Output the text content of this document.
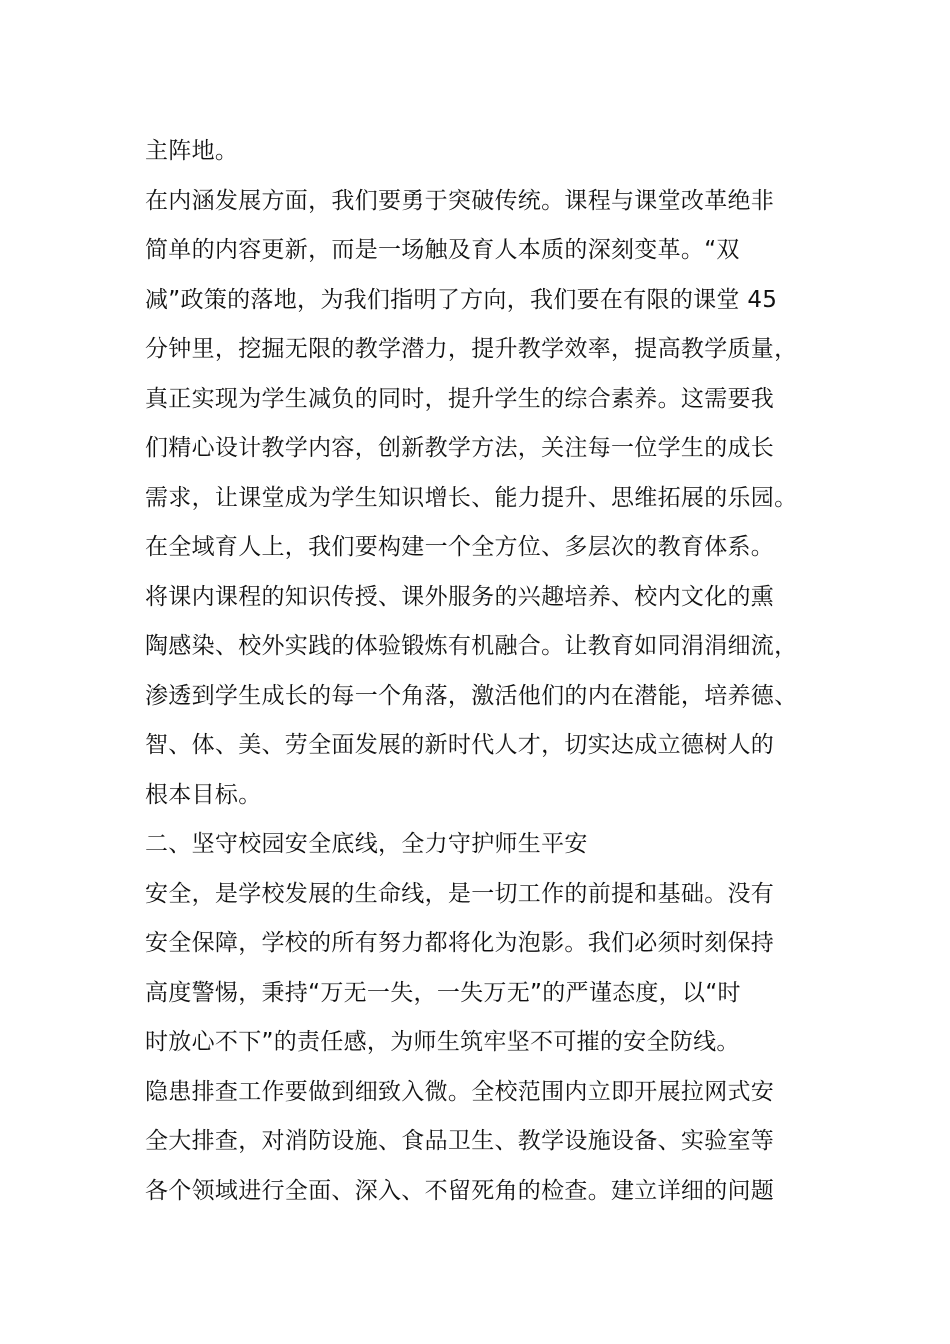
主阵地。
在内涵发展方面，我们要勇于突破传统。课程与课堂改革绝非
简单的内容更新，而是一场触及育人本质的深刻变革。“双
减”政策的落地，为我们指明了方向，我们要在有限的课堂 45
分钟里，挖掘无限的教学潜力，提升教学效率，提高教学质量，
真正实现为学生减负的同时，提升学生的综合素养。这需要我
们精心设计教学内容，创新教学方法，关注每一位学生的成长
需求，让课堂成为学生知识增长、能力提升、思维拓展的乐园。
在全域育人上，我们要构建一个全方位、多层次的教育体系。
将课内课程的知识传授、课外服务的兴趣培养、校内文化的熏
陶感染、校外实践的体验锻炼有机融合。让教育如同涓涓细流，
渗透到学生成长的每一个角落，激活他们的内在潜能，培养德、
智、体、美、劳全面发展的新时代人才，切实达成立德树人的
根本目标。
二、坚守校园安全底线，全力守护师生平安
安全，是学校发展的生命线，是一切工作的前提和基础。没有
安全保障，学校的所有努力都将化为泡影。我们必须时刻保持
高度警惕，秉持“万无一失，一失万无”的严谨态度，以“时
时放心不下”的责任感，为师生筑牢坚不可摧的安全防线。
隐患排查工作要做到细致入微。全校范围内立即开展拉网式安
全大排查，对消防设施、食品卫生、教学设施设备、实验室等
各个领域进行全面、深入、不留死角的检查。建立详细的问题
